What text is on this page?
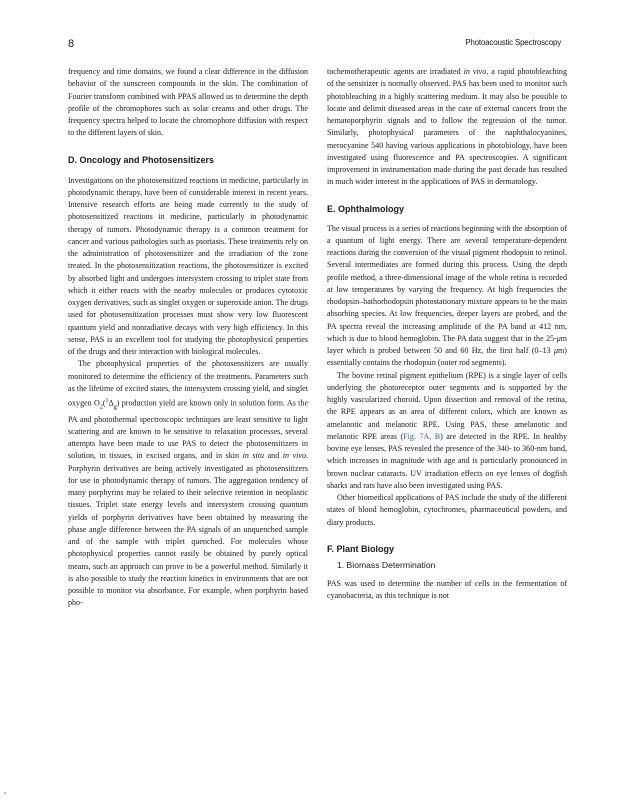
8	Photoacoustic Spectroscopy

frequency and time domains, we found a clear difference in the diffusion behavior of the sunscreen compounds in the skin. The combination of Fourier transform combined with PPAS allowed us to determine the depth profile of the chromophores such as solar creams and other drugs. The frequency spectra helped to locate the chromophore diffusion with respect to the different layers of skin.

D. Oncology and Photosensitizers

Investigations on the photosensitized reactions in medicine, particularly in photodynamic therapy, have been of considerable interest in recent years. Intensive research efforts are being made currently to the study of photosensitized reactions in medicine, particularly in photodynamic therapy of tumors. Photodynamic therapy is a common treatment for cancer and various pathologies such as psoriasis. These treatments rely on the administration of photosensitizer and the irradiation of the zone treated. In the photosensitization reactions, the photosensitizer is excited by absorbed light and undergoes intersystem crossing to triplet state from which it either reacts with the nearby molecules or produces cytotoxic oxygen derivatives, such as singlet oxygen or superoxide anion. The drugs used for photosensitization processes must show very low fluorescent quantum yield and nonradiative decays with very high efficiency. In this sense, PAS is an excellent tool for studying the photophysical properties of the drugs and their interaction with biological molecules.

The photophysical properties of the photosensitizers are usually monitored to determine the efficiency of the treatments. Parameters such as the lifetime of excited states, the intersystem crossing yield, and singlet oxygen $O_2(^1\Delta_g)$ production yield are known only in solution form. As the PA and photothermal spectroscopic techniques are least sensitive to light scattering and are known to be sensitive to relaxation processes, several attempts have been made to use PAS to detect the photosensitizers in solution, in tissues, in excised organs, and in skin in situ and in vivo. Porphyrin derivatives are being actively investigated as photosensitizers for use in photodynamic therapy of tumors. The aggregation tendency of many porphyrins may be related to their selective retention in neoplastic tissues. Triplet state energy levels and intersystem crossing quantum yields of porphyrin derivatives have been obtained by measuring the phase angle difference between the PA signals of an unquenched sample and of the sample with triplet quenched. For molecules whose photophysical properties cannot easily be obtained by purely optical means, such an approach can prove to be a powerful method. Similarly it is also possible to study the reaction kinetics in environments that are not possible to monitor via absorbance. For example, when porphyrin based pho-

tochemotherapeutic agents are irradiated in vivo, a rapid photobleaching of the sensitizer is normally observed. PAS has been used to monitor such photobleaching in a highly scattering medium. It may also be possible to locate and delimit diseased areas in the case of external cancers from the hematoporphyrin signals and to follow the regression of the tumor. Similarly, photophysical parameters of the naphthalocyanines, merocyanine 540 having various applications in photobiology, have been investigated using fluorescence and PA spectroscopies. A significant improvement in instrumentation made during the past decade has resulted in much wider interest in the applications of PAS in dermatology.

E. Ophthalmology

The visual process is a series of reactions beginning with the absorption of a quantum of light energy. There are several temperature-dependent reactions during the conversion of the visual pigment rhodopsin to retinol. Several intermediates are formed during this process. Using the depth profile method, a three-dimensional image of the whole retina is recorded at low temperatures by varying the frequency. At high frequencies the rhodopsin–bathorhodopsin photostationary mixture appears to be the main absorbing species. At low frequencies, deeper layers are probed, and the PA spectra reveal the increasing amplitude of the PA band at 412 nm, which is due to blood hemoglobin. The PA data suggest that in the 25-μm layer which is probed between 50 and 60 Hz, the first half (0–13 μm) essentially contains the rhodopsin (outer rod segments).

The bovine retinal pigment epithelium (RPE) is a single layer of cells underlying the photoreceptor outer segments and is supported by the highly vascularized choroid. Upon dissection and removal of the retina, the RPE appears as an area of different colors, which are known as amelanotic and melanotic RPE. Using PAS, these amelanotic and melanotic RPE areas (Fig. 7A, B) are detected in the RPE. In healthy bovine eye lenses, PAS revealed the presence of the 340- to 360-nm band, which increases in magnitude with age and is particularly pronounced in brown nuclear cataracts. UV irradiation effects on eye lenses of dogfish sharks and rats have also been investigated using PAS.

Other biomedical applications of PAS include the study of the different states of blood hemoglobin, cytochromes, pharmaceutical powders, and diary products.

F. Plant Biology
1. Biomass Determination

PAS was used to determine the number of cells in the fermentation of cyanobacteria, as this technique is not
